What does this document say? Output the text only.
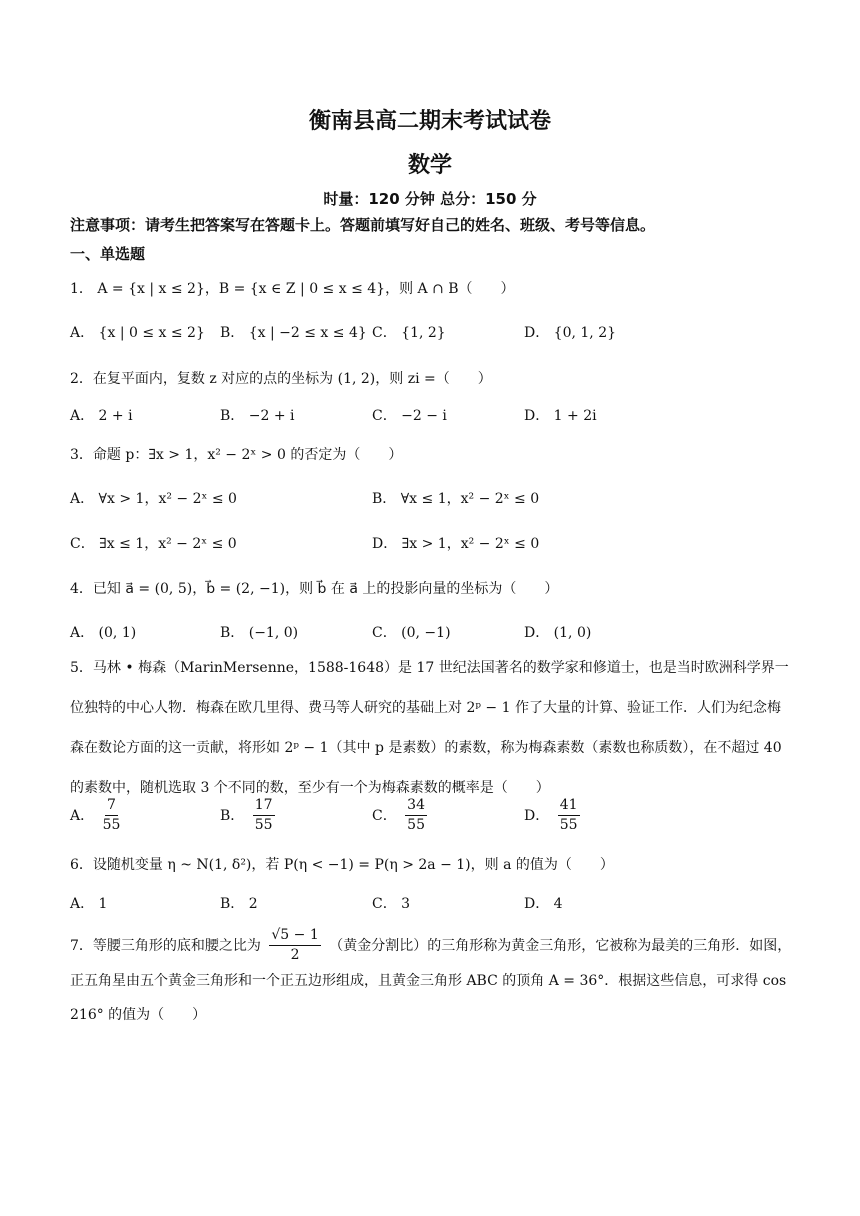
衡南县高二期末考试试卷
数学
时量：120 分钟 总分：150 分
注意事项：请考生把答案写在答题卡上。答题前填写好自己的姓名、班级、考号等信息。
一、单选题
1． A = {x | x ≤ 2}，B = {x ∈ Z | 0 ≤ x ≤ 4}，则 A ∩ B（　　）
A． {x | 0 ≤ x ≤ 2} B． {x | −2 ≤ x ≤ 4} C． {1, 2}	D． {0, 1, 2}
2．在复平面内，复数 z 对应的点的坐标为 (1, 2)，则 zi =（　　）
A． 2 + i	B． −2 + i	C． −2 − i	D． 1 + 2i
3．命题 p：∃x > 1，x² − 2ˣ > 0 的否定为（　　）
A． ∀x > 1，x² − 2ˣ ≤ 0	B． ∀x ≤ 1，x² − 2ˣ ≤ 0
C． ∃x ≤ 1，x² − 2ˣ ≤ 0	D． ∃x > 1，x² − 2ˣ ≤ 0
4．已知 a⃗ = (0, 5)，b⃗ = (2, −1)，则 b⃗ 在 a⃗ 上的投影向量的坐标为（　　）
A． (0, 1)	B． (−1, 0)	C． (0, −1)	D． (1, 0)
5．马林 • 梅森（MarinMersenne，1588-1648）是 17 世纪法国著名的数学家和修道士，也是当时欧洲科学界一位独特的中心人物．梅森在欧几里得、费马等人研究的基础上对 2ᵖ − 1 作了大量的计算、验证工作．人们为纪念梅森在数论方面的这一贡献，将形如 2ᵖ − 1（其中 p 是素数）的素数，称为梅森素数（素数也称质数），在不超过 40 的素数中，随机选取 3 个不同的数，至少有一个为梅森素数的概率是（　　）
A． $\frac{7}{55}$	B． $\frac{17}{55}$	C． $\frac{34}{55}$	D． $\frac{41}{55}$
6．设随机变量 η ~ N(1, δ²)，若 P(η < −1) = P(η > 2a − 1)，则 a 的值为（　　）
A． 1	B． 2	C． 3	D． 4
7．等腰三角形的底和腰之比为 $\frac{√5 - 1}{2}$ （黄金分割比）的三角形称为黄金三角形，它被称为最美的三角形．如图，正五角星由五个黄金三角形和一个正五边形组成，且黄金三角形 ABC 的顶角 A = 36°．根据这些信息，可求得 cos 216° 的值为（　　）
